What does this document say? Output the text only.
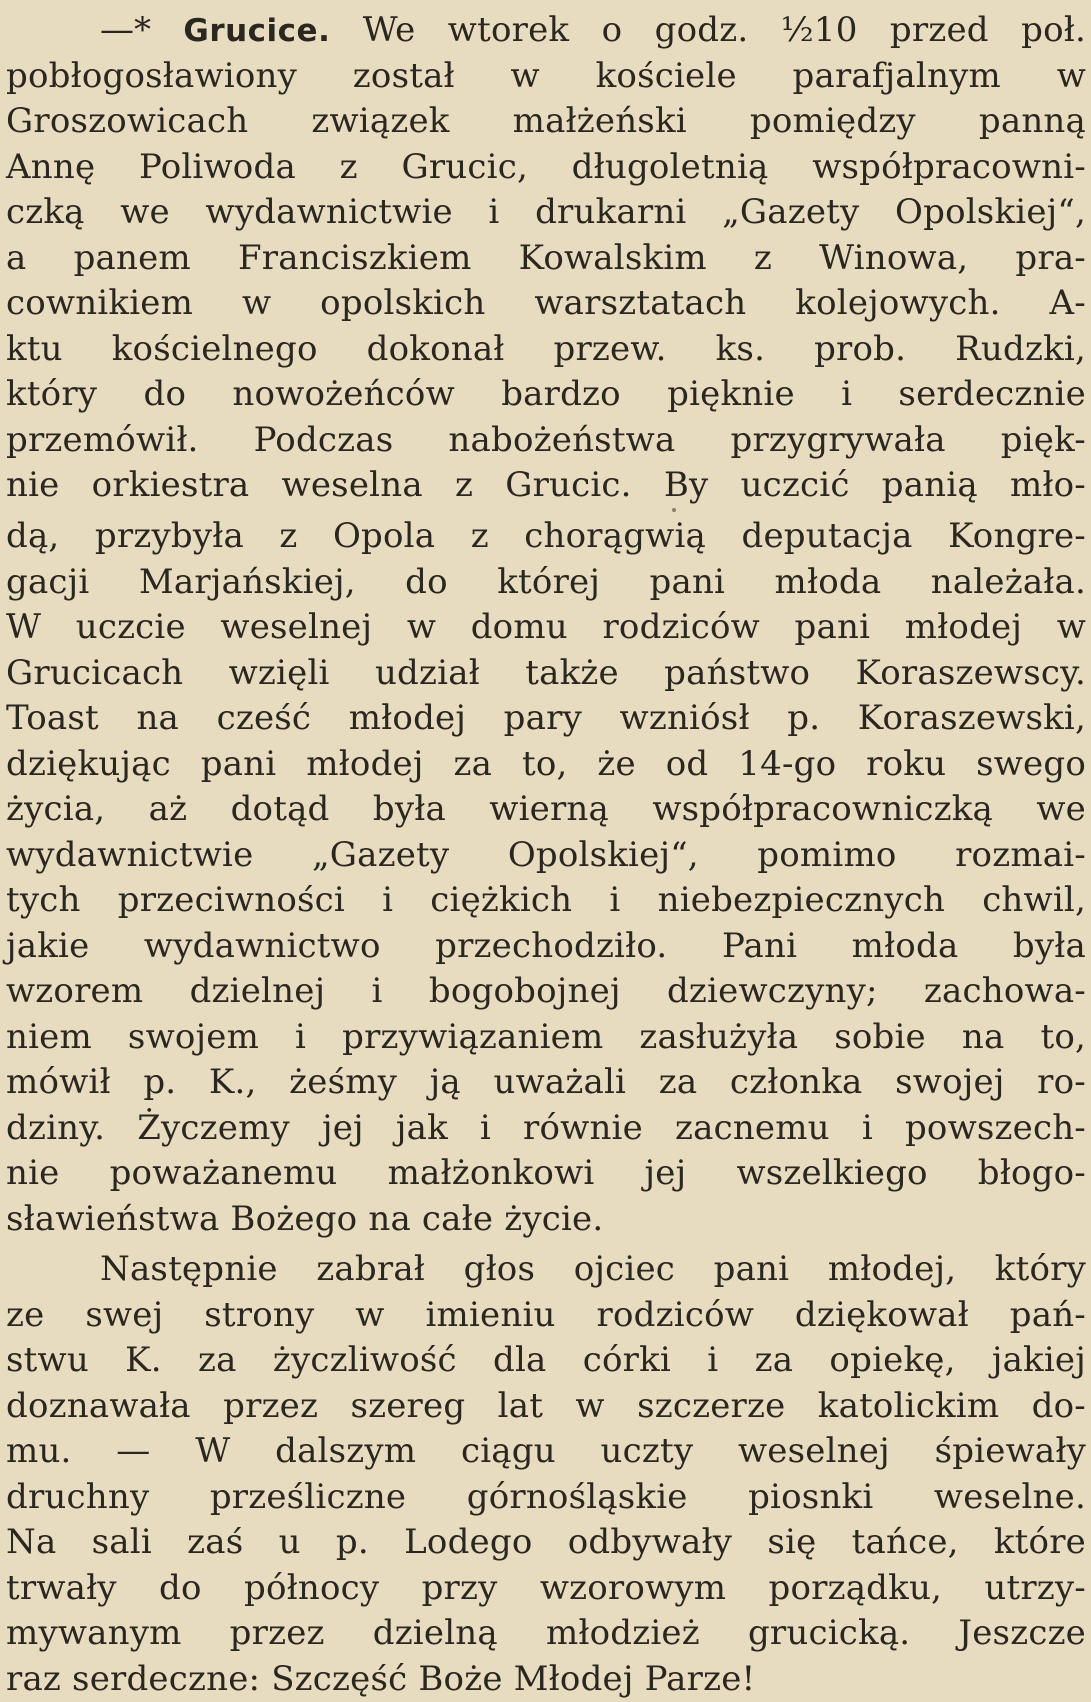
—* Grucice. We wtorek o godz. ½10 przed poł.
pobłogosławiony został w kościele parafjalnym w
Groszowicach związek małżeński pomiędzy panną
Annę Poliwoda z Grucic, długoletnią współpracowni-
czką we wydawnictwie i drukarni „Gazety Opolskiej“,
a panem Franciszkiem Kowalskim z Winowa, pra-
cownikiem w opolskich warsztatach kolejowych. A-
ktu kościelnego dokonał przew. ks. prob. Rudzki,
który do nowożeńców bardzo pięknie i serdecznie
przemówił. Podczas nabożeństwa przygrywała pięk-
nie orkiestra weselna z Grucic. By uczcić panią mło-
dą, przybyła z Opola z chorągwią deputacja Kongre-
gacji Marjańskiej, do której pani młoda należała.
W uczcie weselnej w domu rodziców pani młodej w
Grucicach wzięli udział także państwo Koraszewscy.
Toast na cześć młodej pary wzniósł p. Koraszewski,
dziękując pani młodej za to, że od 14-go roku swego
życia, aż dotąd była wierną współpracowniczką we
wydawnictwie „Gazety Opolskiej“, pomimo rozmai-
tych przeciwności i ciężkich i niebezpiecznych chwil,
jakie wydawnictwo przechodziło. Pani młoda była
wzorem dzielnej i bogobojnej dziewczyny; zachowa-
niem swojem i przywiązaniem zasłużyła sobie na to,
mówił p. K., żeśmy ją uważali za członka swojej ro-
dziny. Życzemy jej jak i równie zacnemu i powszech-
nie poważanemu małżonkowi jej wszelkiego błogo-
sławieństwa Bożego na całe życie.
Następnie zabrał głos ojciec pani młodej, który
ze swej strony w imieniu rodziców dziękował pań-
stwu K. za życzliwość dla córki i za opiekę, jakiej
doznawała przez szereg lat w szczerze katolickim do-
mu. — W dalszym ciągu uczty weselnej śpiewały
druchny prześliczne górnośląskie piosnki weselne.
Na sali zaś u p. Lodego odbywały się tańce, które
trwały do północy przy wzorowym porządku, utrzy-
mywanym przez dzielną młodzież grucicką. Jeszcze
raz serdeczne: Szczęść Boże Młodej Parze!
